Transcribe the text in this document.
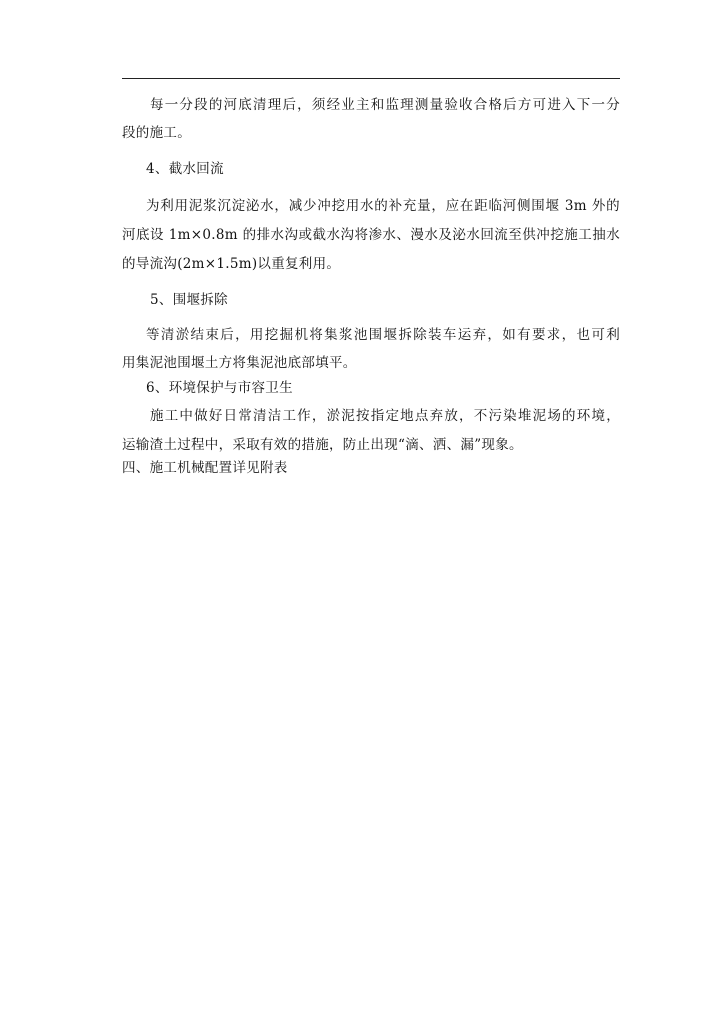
每一分段的河底清理后，须经业主和监理测量验收合格后方可进入下一分
段的施工。
4、截水回流
为利用泥浆沉淀泌水，减少冲挖用水的补充量，应在距临河侧围堰 3m 外的
河底设 1m×0.8m 的排水沟或截水沟将渗水、漫水及泌水回流至供冲挖施工抽水
的导流沟(2m×1.5m)以重复利用。
5、围堰拆除
等清淤结束后，用挖掘机将集浆池围堰拆除装车运弃，如有要求，也可利
用集泥池围堰土方将集泥池底部填平。
6、环境保护与市容卫生
施工中做好日常清洁工作，淤泥按指定地点弃放，不污染堆泥场的环境，
运输渣土过程中，采取有效的措施，防止出现“滴、洒、漏”现象。
四、施工机械配置详见附表
